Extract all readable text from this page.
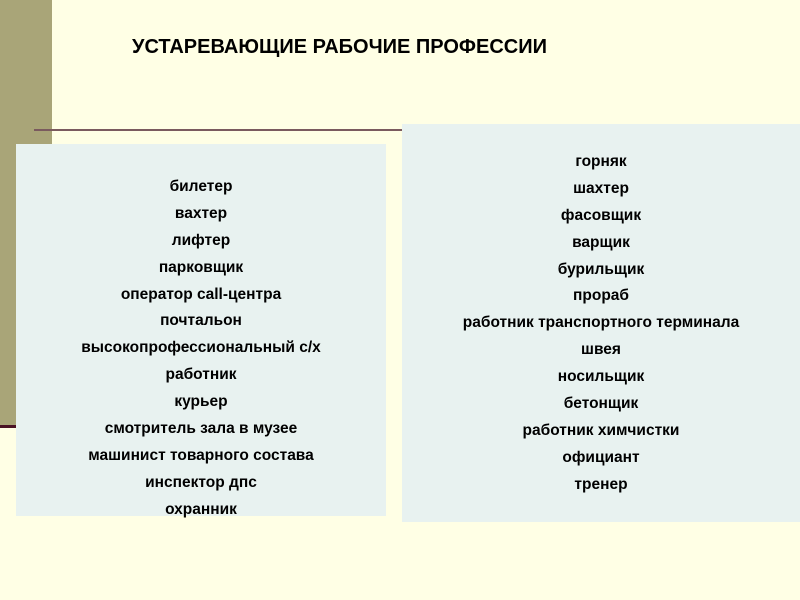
УСТАРЕВАЮЩИЕ РАБОЧИЕ ПРОФЕССИИ
билетер
вахтер
лифтер
парковщик
оператор call-центра
почтальон
высокопрофессиональный с/х
работник
курьер
смотритель зала в музее
машинист товарного состава
инспектор дпс
охранник
горняк
шахтер
фасовщик
варщик
бурильщик
прораб
работник транспортного терминала
швея
носильщик
бетонщик
работник химчистки
официант
тренер
